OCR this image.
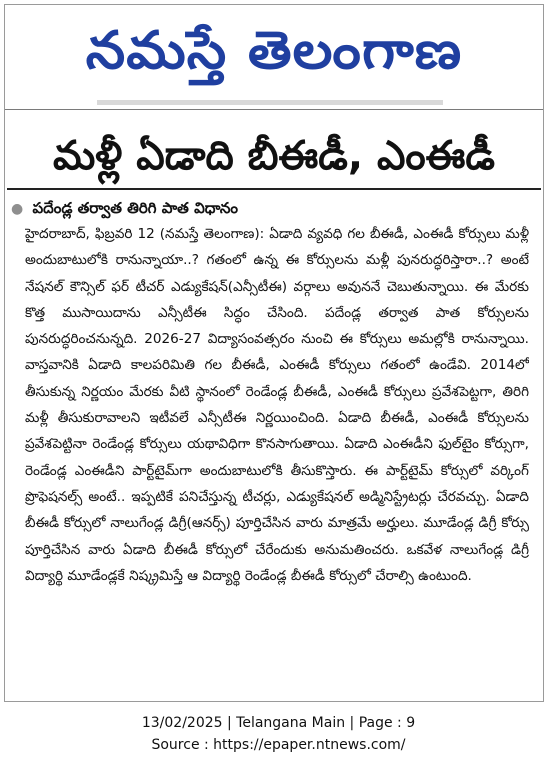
నమస్తే తెలంగాణ
మళ్లీ ఏడాది బీఈడీ, ఎంఈడీ
● పదేండ్ల తర్వాత తిరిగి పాత విధానం

హైదరాబాద్‌, ఫిబ్రవరి 12 (నమస్తే తెలంగాణ): ఏడాది వ్యవధి గల బీఈడీ, ఎంఈడీ కోర్సులు మళ్లీ అందుబాటులోకి రానున్నాయా..? గతంలో ఉన్న ఈ కోర్సులను మళ్లీ పునరుద్ధరిస్తారా..? అంటే నేషనల్‌ కౌన్సిల్‌ ఫర్‌ టీచర్‌ ఎడ్యుకేషన్‌(ఎన్సీటీఈ) వర్గాలు అవుననే చెబుతున్నాయి. ఈ మేరకు కొత్త ముసాయిదాను ఎన్సీటీఈ సిద్ధం చేసింది. పదేండ్ల తర్వాత పాత కోర్సులను పునరుద్ధరించనున్నది. 2026-27 విద్యాసంవత్సరం నుంచి ఈ కోర్సులు అమల్లోకి రానున్నాయి. వాస్తవానికి ఏడాది కాలపరిమితి గల బీఈడీ, ఎంఈడీ కోర్సులు గతంలో ఉండేవి. 2014లో తీసుకున్న నిర్ణయం మేరకు వీటి స్థానంలో రెండేండ్ల బీఈడీ, ఎంఈడీ కోర్సులు ప్రవేశపెట్టగా, తిరిగి మళ్లీ తీసుకురావాలని ఇటీవలే ఎన్సీటీఈ నిర్ణయించింది. ఏడాది బీఈడీ, ఎంఈడీ కోర్సులను ప్రవేశపెట్టినా రెండేండ్ల కోర్సులు యథావిధిగా కొనసాగుతాయి. ఏడాది ఎంఈడీని ఫుల్‌టైం కోర్సుగా, రెండేండ్ల ఎంఈడీని పార్ట్‌టైమ్‌గా అందుబాటులోకి తీసుకొస్తారు. ఈ పార్ట్‌టైమ్‌ కోర్సులో వర్కింగ్‌ ప్రొఫెషనల్స్‌ అంటే.. ఇప్పటికే పనిచేస్తున్న టీచర్లు, ఎడ్యుకేషనల్‌ అడ్మినిస్ట్రేటర్లు చేరవచ్చు. ఏడాది బీఈడీ కోర్సులో నాలుగేండ్ల డిగ్రీ(ఆనర్స్‌) పూర్తిచేసిన వారు మాత్రమే అర్హులు. మూడేండ్ల డిగ్రీ కోర్సు పూర్తిచేసిన వారు ఏడాది బీఈడీ కోర్సులో చేరేందుకు అనుమతించరు. ఒకవేళ నాలుగేండ్ల డిగ్రీ విద్యార్థి మూడేండ్లకే నిష్క్రమిస్తే ఆ విద్యార్థి రెండేండ్ల బీఈడీ కోర్సులో చేరాల్సి ఉంటుంది.

13/02/2025 | Telangana Main | Page : 9
Source : https://epaper.ntnews.com/
